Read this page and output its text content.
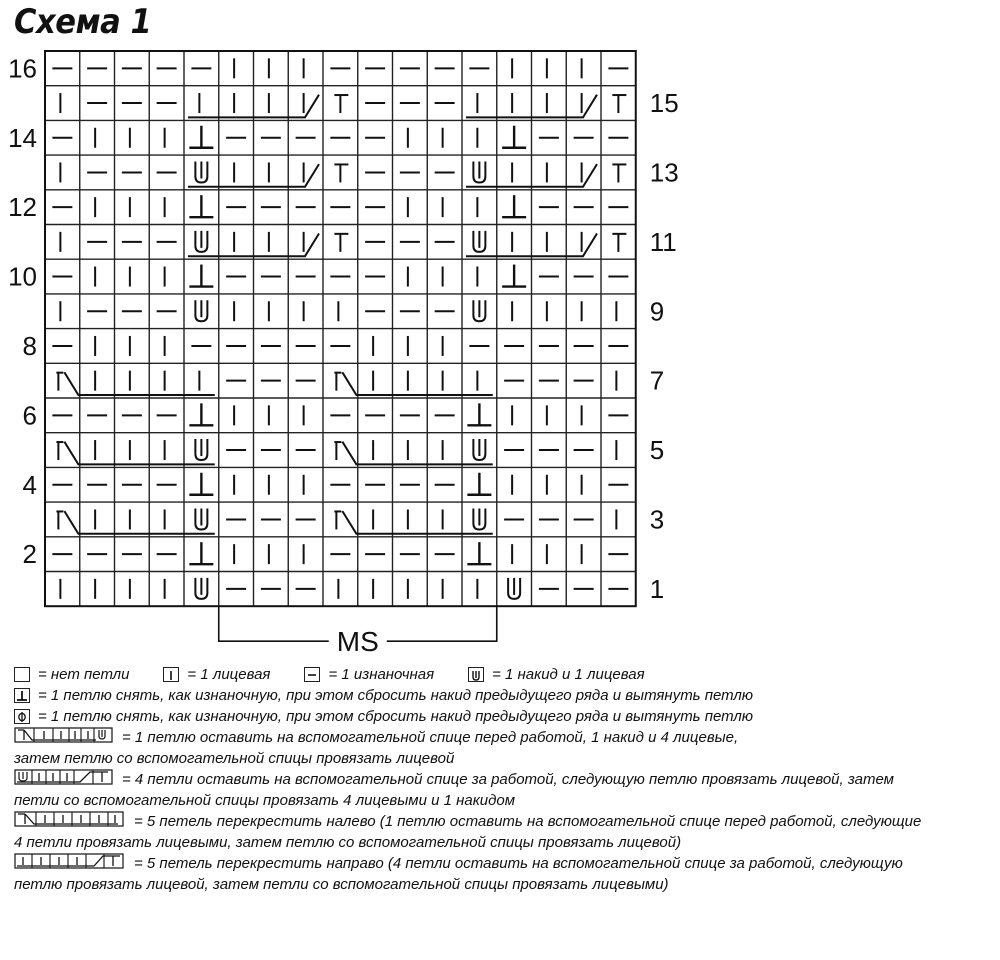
Схема 1
16
14
12
10
8
6
4
2
15
13
11
9
7
5
3
1
MS
= нет петли	= 1 лицевая	= 1 изнаночная	= 1 накид и 1 лицевая
= 1 петлю снять, как изнаночную, при этом сбросить накид предыдущего ряда и вытянуть петлю
= 1 петлю снять, как изнаночную, при этом сбросить накид предыдущего ряда и вытянуть петлю
= 1 петлю оставить на вспомогательной спице перед работой, 1 накид и 4 лицевые,
затем петлю со вспомогательной спицы провязать лицевой
= 4 петли оставить на вспомогательной спице за работой, следующую петлю провязать лицевой, затем
петли со вспомогательной спицы провязать 4 лицевыми и 1 накидом
= 5 петель перекрестить налево (1 петлю оставить на вспомогательной спице перед работой, следующие
4 петли провязать лицевыми, затем петлю со вспомогательной спицы провязать лицевой)
= 5 петель перекрестить направо (4 петли оставить на вспомогательной спице за работой, следующую
петлю провязать лицевой, затем петли со вспомогательной спицы провязать лицевыми)
